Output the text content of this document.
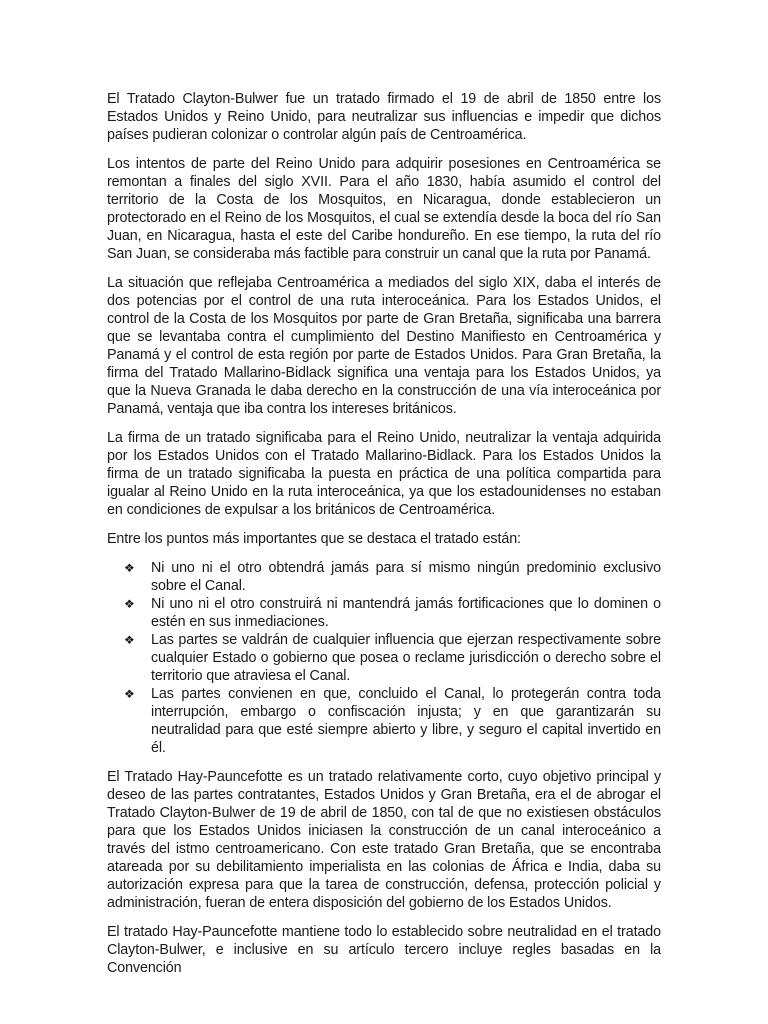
El Tratado Clayton-Bulwer fue un tratado firmado el 19 de abril de 1850 entre los Estados Unidos y Reino Unido, para neutralizar sus influencias e impedir que dichos países pudieran colonizar o controlar algún país de Centroamérica.

Los intentos de parte del Reino Unido para adquirir posesiones en Centroamérica se remontan a finales del siglo XVII. Para el año 1830, había asumido el control del territorio de la Costa de los Mosquitos, en Nicaragua, donde establecieron un protectorado en el Reino de los Mosquitos, el cual se extendía desde la boca del río San Juan, en Nicaragua, hasta el este del Caribe hondureño. En ese tiempo, la ruta del río San Juan, se consideraba más factible para construir un canal que la ruta por Panamá.

La situación que reflejaba Centroamérica a mediados del siglo XIX, daba el interés de dos potencias por el control de una ruta interoceánica. Para los Estados Unidos, el control de la Costa de los Mosquitos por parte de Gran Bretaña, significaba una barrera que se levantaba contra el cumplimiento del Destino Manifiesto en Centroamérica y Panamá y el control de esta región por parte de Estados Unidos. Para Gran Bretaña, la firma del Tratado Mallarino-Bidlack significa una ventaja para los Estados Unidos, ya que la Nueva Granada le daba derecho en la construcción de una vía interoceánica por Panamá, ventaja que iba contra los intereses británicos.

La firma de un tratado significaba para el Reino Unido, neutralizar la ventaja adquirida por los Estados Unidos con el Tratado Mallarino-Bidlack. Para los Estados Unidos la firma de un tratado significaba la puesta en práctica de una política compartida para igualar al Reino Unido en la ruta interoceánica, ya que los estadounidenses no estaban en condiciones de expulsar a los británicos de Centroamérica.

Entre los puntos más importantes que se destaca el tratado están:

❖ Ni uno ni el otro obtendrá jamás para sí mismo ningún predominio exclusivo sobre el Canal.
❖ Ni uno ni el otro construirá ni mantendrá jamás fortificaciones que lo dominen o estén en sus inmediaciones.
❖ Las partes se valdrán de cualquier influencia que ejerzan respectivamente sobre cualquier Estado o gobierno que posea o reclame jurisdicción o derecho sobre el territorio que atraviesa el Canal.
❖ Las partes convienen en que, concluido el Canal, lo protegerán contra toda interrupción, embargo o confiscación injusta; y en que garantizarán su neutralidad para que esté siempre abierto y libre, y seguro el capital invertido en él.

El Tratado Hay-Pauncefotte es un tratado relativamente corto, cuyo objetivo principal y deseo de las partes contratantes, Estados Unidos y Gran Bretaña, era el de abrogar el Tratado Clayton-Bulwer de 19 de abril de 1850, con tal de que no existiesen obstáculos para que los Estados Unidos iniciasen la construcción de un canal interoceánico a través del istmo centroamericano. Con este tratado Gran Bretaña, que se encontraba atareada por su debilitamiento imperialista en las colonias de África e India, daba su autorización expresa para que la tarea de construcción, defensa, protección policial y administración, fueran de entera disposición del gobierno de los Estados Unidos.

El tratado Hay-Pauncefotte mantiene todo lo establecido sobre neutralidad en el tratado Clayton-Bulwer, e inclusive en su artículo tercero incluye regles basadas en la Convención
